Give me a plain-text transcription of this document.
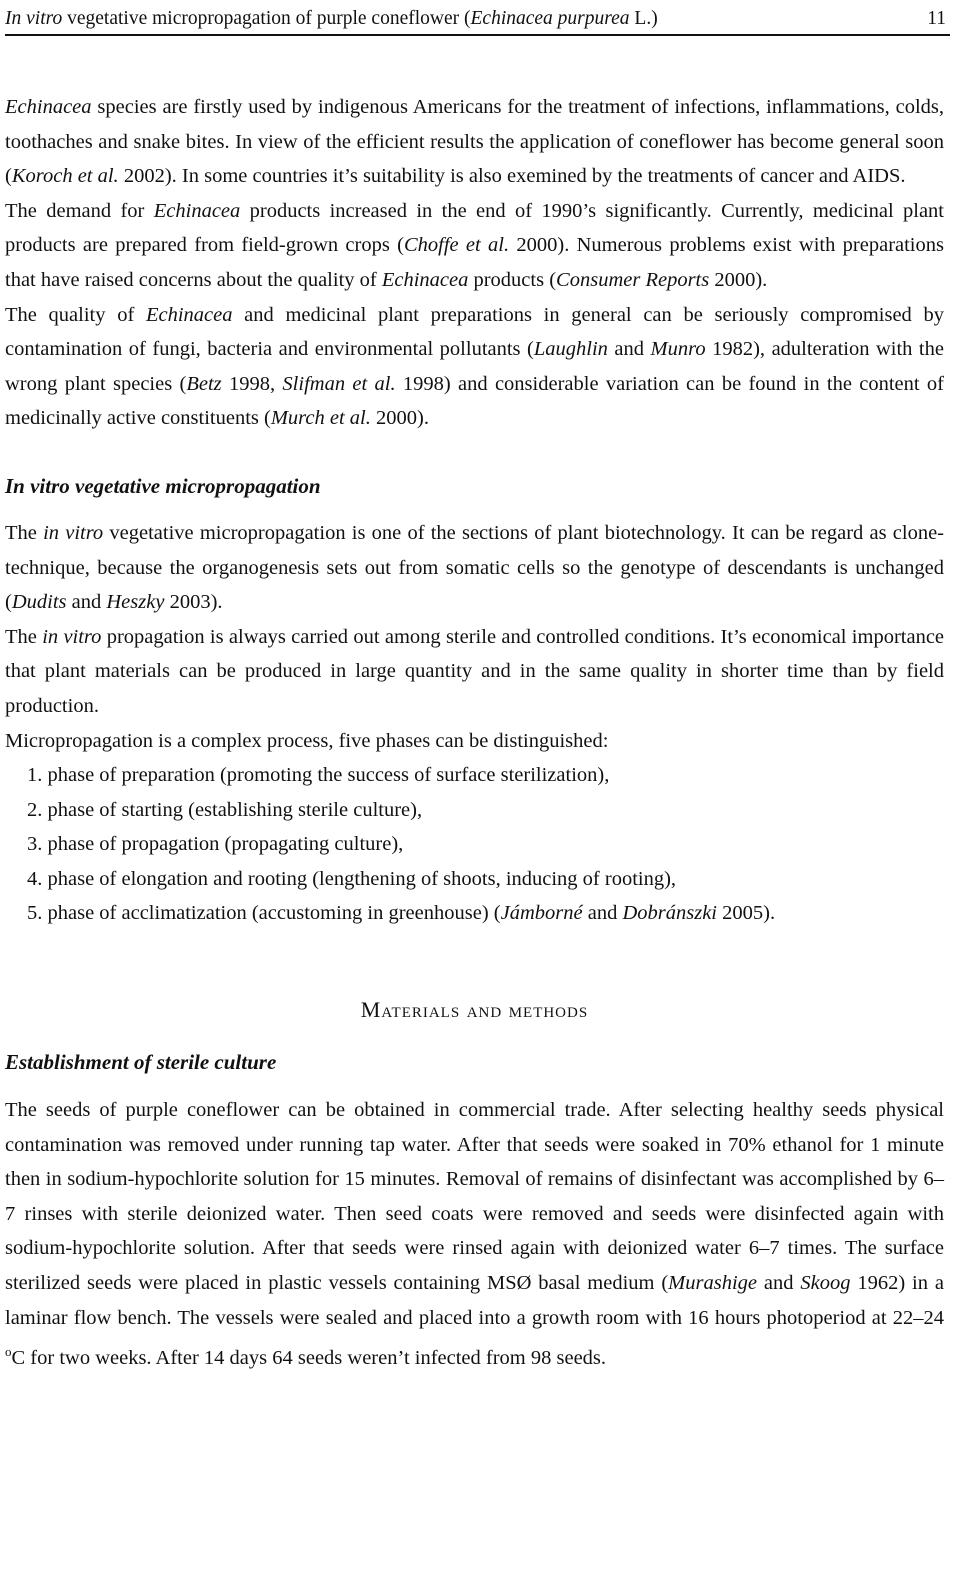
In vitro vegetative micropropagation of purple coneflower (Echinacea purpurea L.)	11

Echinacea species are firstly used by indigenous Americans for the treatment of infections, inflammations, colds, toothaches and snake bites. In view of the efficient results the application of coneflower has become general soon (Koroch et al. 2002). In some countries it’s suitability is also exemined by the treatments of cancer and AIDS.

The demand for Echinacea products increased in the end of 1990’s significantly. Currently, medicinal plant products are prepared from field-grown crops (Choffe et al. 2000). Numerous problems exist with preparations that have raised concerns about the quality of Echinacea products (Consumer Reports 2000).

The quality of Echinacea and medicinal plant preparations in general can be seriously compromised by contamination of fungi, bacteria and environmental pollutants (Laughlin and Munro 1982), adulteration with the wrong plant species (Betz 1998, Slifman et al. 1998) and considerable variation can be found in the content of medicinally active constituents (Murch et al. 2000).

In vitro vegetative micropropagation

The in vitro vegetative micropropagation is one of the sections of plant biotechnology. It can be regard as clone-technique, because the organogenesis sets out from somatic cells so the genotype of descendants is unchanged (Dudits and Heszky 2003).

The in vitro propagation is always carried out among sterile and controlled conditions. It’s economical importance that plant materials can be produced in large quantity and in the same quality in shorter time than by field production.

Micropropagation is a complex process, five phases can be distinguished:

1. phase of preparation (promoting the success of surface sterilization),
2. phase of starting (establishing sterile culture),
3. phase of propagation (propagating culture),
4. phase of elongation and rooting (lengthening of shoots, inducing of rooting),
5. phase of acclimatization (accustoming in greenhouse) (Jámborné and Dobránszki 2005).
Materials and methods
Establishment of sterile culture

The seeds of purple coneflower can be obtained in commercial trade. After selecting healthy seeds physical contamination was removed under running tap water. After that seeds were soaked in 70% ethanol for 1 minute then in sodium-hypochlorite solution for 15 minutes. Removal of remains of disinfectant was accomplished by 6–7 rinses with sterile deionized water. Then seed coats were removed and seeds were disinfected again with sodium-hypochlorite solution. After that seeds were rinsed again with deionized water 6–7 times. The surface sterilized seeds were placed in plastic vessels containing MSØ basal medium (Murashige and Skoog 1962) in a laminar flow bench. The vessels were sealed and placed into a growth room with 16 hours photoperiod at 22–24 $^o$C for two weeks. After 14 days 64 seeds weren’t infected from 98 seeds.
